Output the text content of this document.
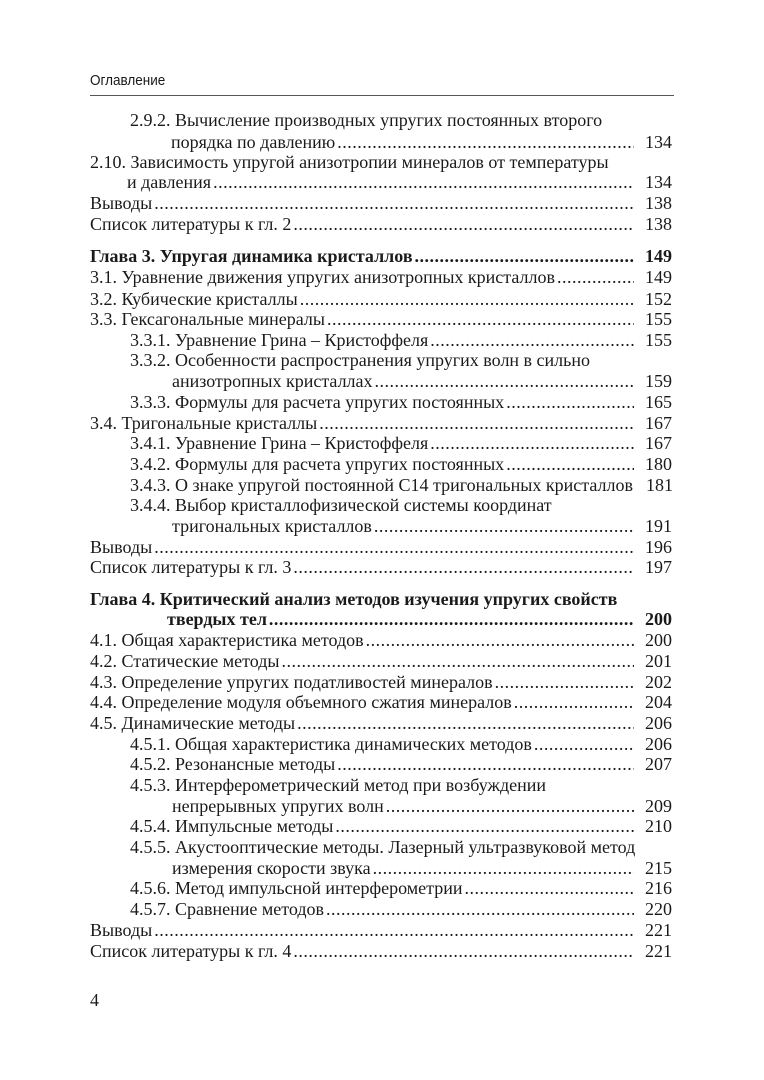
Оглавление
2.9.2. Вычисление производных упругих постоянных второго
порядка по давлению .....	134
2.10. Зависимость упругой анизотропии минералов от температуры
и давления .....	134
Выводы .....	138
Список литературы к гл. 2 .....	138
Глава 3. Упругая динамика кристаллов .....	149
3.1. Уравнение движения упругих анизотропных кристаллов .....	149
3.2. Кубические кристаллы .....	152
3.3. Гексагональные минералы .....	155
3.3.1. Уравнение Грина – Кристоффеля .....	155
3.3.2. Особенности распространения упругих волн в сильно
анизотропных кристаллах .....	159
3.3.3. Формулы для расчета упругих постоянных .....	165
3.4. Тригональные кристаллы .....	167
3.4.1. Уравнение Грина – Кристоффеля .....	167
3.4.2. Формулы для расчета упругих постоянных .....	180
3.4.3. О знаке упругой постоянной C14 тригональных кристаллов 181
3.4.4. Выбор кристаллофизической системы координат
тригональных кристаллов .....	191
Выводы .....	196
Список литературы к гл. 3 .....	197
Глава 4. Критический анализ методов изучения упругих свойств
твердых тел .....	200
4.1. Общая характеристика методов .....	200
4.2. Статические методы .....	201
4.3. Определение упругих податливостей минералов .....	202
4.4. Определение модуля объемного сжатия минералов .....	204
4.5. Динамические методы .....	206
4.5.1. Общая характеристика динамических методов .....	206
4.5.2. Резонансные методы .....	207
4.5.3. Интерферометрический метод при возбуждении
непрерывных упругих волн .....	209
4.5.4. Импульсные методы .....	210
4.5.5. Акустооптические методы. Лазерный ультразвуковой метод
измерения скорости звука .....	215
4.5.6. Метод импульсной интерферометрии .....	216
4.5.7. Сравнение методов .....	220
Выводы .....	221
Список литературы к гл. 4 .....	221
4
